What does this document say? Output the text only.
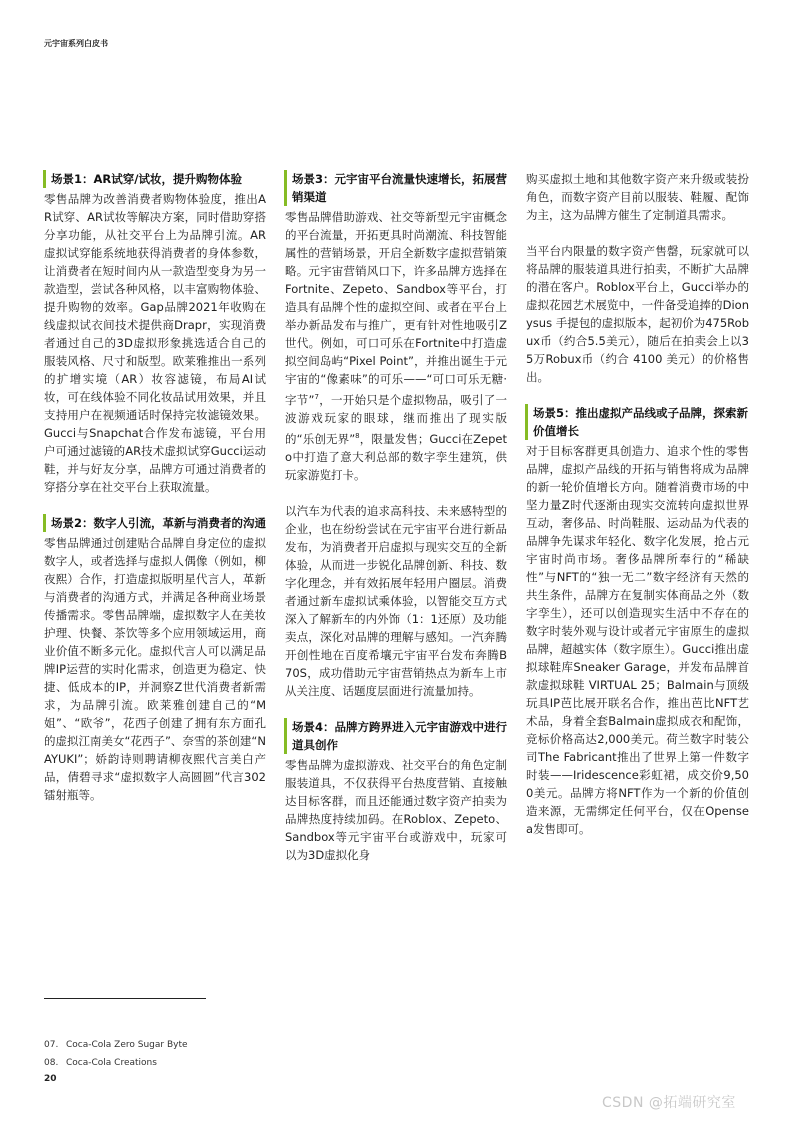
元宇宙系列白皮书
场景1：AR试穿/试妆，提升购物体验

零售品牌为改善消费者购物体验度，推出AR试穿、AR试妆等解决方案，同时借助穿搭分享功能，从社交平台上为品牌引流。AR虚拟试穿能系统地获得消费者的身体参数，让消费者在短时间内从一款造型变身为另一款造型，尝试各种风格，以丰富购物体验、提升购物的效率。Gap品牌2021年收购在线虚拟试衣间技术提供商Drapr，实现消费者通过自己的3D虚拟形象挑选适合自己的服装风格、尺寸和版型。欧莱雅推出一系列的扩增实境（AR）妆容滤镜，布局AI试妆，可在线体验不同化妆品试用效果，并且支持用户在视频通话时保持完妆滤镜效果。Gucci与Snapchat合作发布滤镜，平台用户可通过滤镜的AR技术虚拟试穿Gucci运动鞋，并与好友分享，品牌方可通过消费者的穿搭分享在社交平台上获取流量。

场景2：数字人引流，革新与消费者的沟通

零售品牌通过创建贴合品牌自身定位的虚拟数字人，或者选择与虚拟人偶像（例如，柳夜熙）合作，打造虚拟版明星代言人，革新与消费者的沟通方式，并满足各种商业场景传播需求。零售品牌端，虚拟数字人在美妆护理、快餐、茶饮等多个应用领域运用，商业价值不断多元化。虚拟代言人可以满足品牌IP运营的实时化需求，创造更为稳定、快捷、低成本的IP，并洞察Z世代消费者新需求，为品牌引流。欧莱雅创建自己的“M姐”、“欧爷”，花西子创建了拥有东方面孔的虚拟江南美女“花西子”、奈雪的茶创建“NAYUKI”；娇韵诗则聘请柳夜熙代言美白产品，倩碧寻求“虚拟数字人高圆圆”代言302镭射瓶等。

场景3：元宇宙平台流量快速增长，拓展营销渠道

零售品牌借助游戏、社交等新型元宇宙概念的平台流量，开拓更具时尚潮流、科技智能属性的营销场景，开启全新数字虚拟营销策略。元宇宙营销风口下，许多品牌方选择在Fortnite、Zepeto、Sandbox等平台，打造具有品牌个性的虚拟空间、或者在平台上举办新品发布与推广，更有针对性地吸引Z世代。例如，可口可乐在Fortnite中打造虚拟空间岛屿“Pixel Point”，并推出诞生于元宇宙的“像素味”的可乐——“可口可乐无糖·字节”$^7$，一开始只是个虚拟物品，吸引了一波游戏玩家的眼球，继而推出了现实版的“乐创无界”$^8$，限量发售；Gucci在Zepeto中打造了意大利总部的数字孪生建筑，供玩家游览打卡。

以汽车为代表的追求高科技、未来感特型的企业，也在纷纷尝试在元宇宙平台进行新品发布，为消费者开启虚拟与现实交互的全新体验，从而进一步锐化品牌创新、科技、数字化理念，并有效拓展年轻用户圈层。消费者通过新车虚拟试乘体验，以智能交互方式深入了解新车的内外饰（1：1还原）及功能卖点，深化对品牌的理解与感知。一汽奔腾开创性地在百度希壤元宇宙平台发布奔腾B70S，成功借助元宇宙营销热点为新车上市从关注度、话题度层面进行流量加持。

场景4：品牌方跨界进入元宇宙游戏中进行道具创作

零售品牌为虚拟游戏、社交平台的角色定制服装道具，不仅获得平台热度营销、直接触达目标客群，而且还能通过数字资产拍卖为品牌热度持续加码。在Roblox、Zepeto、Sandbox等元宇宙平台或游戏中，玩家可以为3D虚拟化身

购买虚拟土地和其他数字资产来升级或装扮角色，而数字资产目前以服装、鞋履、配饰为主，这为品牌方催生了定制道具需求。

当平台内限量的数字资产售罄，玩家就可以将品牌的服装道具进行拍卖，不断扩大品牌的潜在客户。Roblox平台上，Gucci举办的虚拟花园艺术展览中，一件备受追捧的Dionysus 手提包的虚拟版本，起初价为475Robux币（约合5.5美元），随后在拍卖会上以35万Robux币（约合 4100 美元）的价格售出。

场景5：推出虚拟产品线或子品牌，探索新价值增长

对于目标客群更具创造力、追求个性的零售品牌，虚拟产品线的开拓与销售将成为品牌的新一轮价值增长方向。随着消费市场的中坚力量Z时代逐渐由现实交流转向虚拟世界互动，奢侈品、时尚鞋服、运动品为代表的品牌争先谋求年轻化、数字化发展，抢占元宇宙时尚市场。奢侈品牌所奉行的“稀缺性”与NFT的“独一无二”数字经济有天然的共生条件，品牌方在复制实体商品之外（数字孪生），还可以创造现实生活中不存在的数字时装外观与设计或者元宇宙原生的虚拟品牌，超越实体（数字原生）。Gucci推出虚拟球鞋库Sneaker Garage，并发布品牌首款虚拟球鞋 VIRTUAL 25；Balmain与顶级玩具IP芭比展开联名合作，推出芭比NFT艺术品，身着全套Balmain虚拟成衣和配饰，竞标价格高达2,000美元。荷兰数字时装公司The Fabricant推出了世界上第一件数字时装——Iridescence彩虹裙，成交价9,500美元。品牌方将NFT作为一个新的价值创造来源，无需绑定任何平台，仅在Opensea发售即可。

07. Coca-Cola Zero Sugar Byte
08. Coca-Cola Creations
20
CSDN @拓端研究室
